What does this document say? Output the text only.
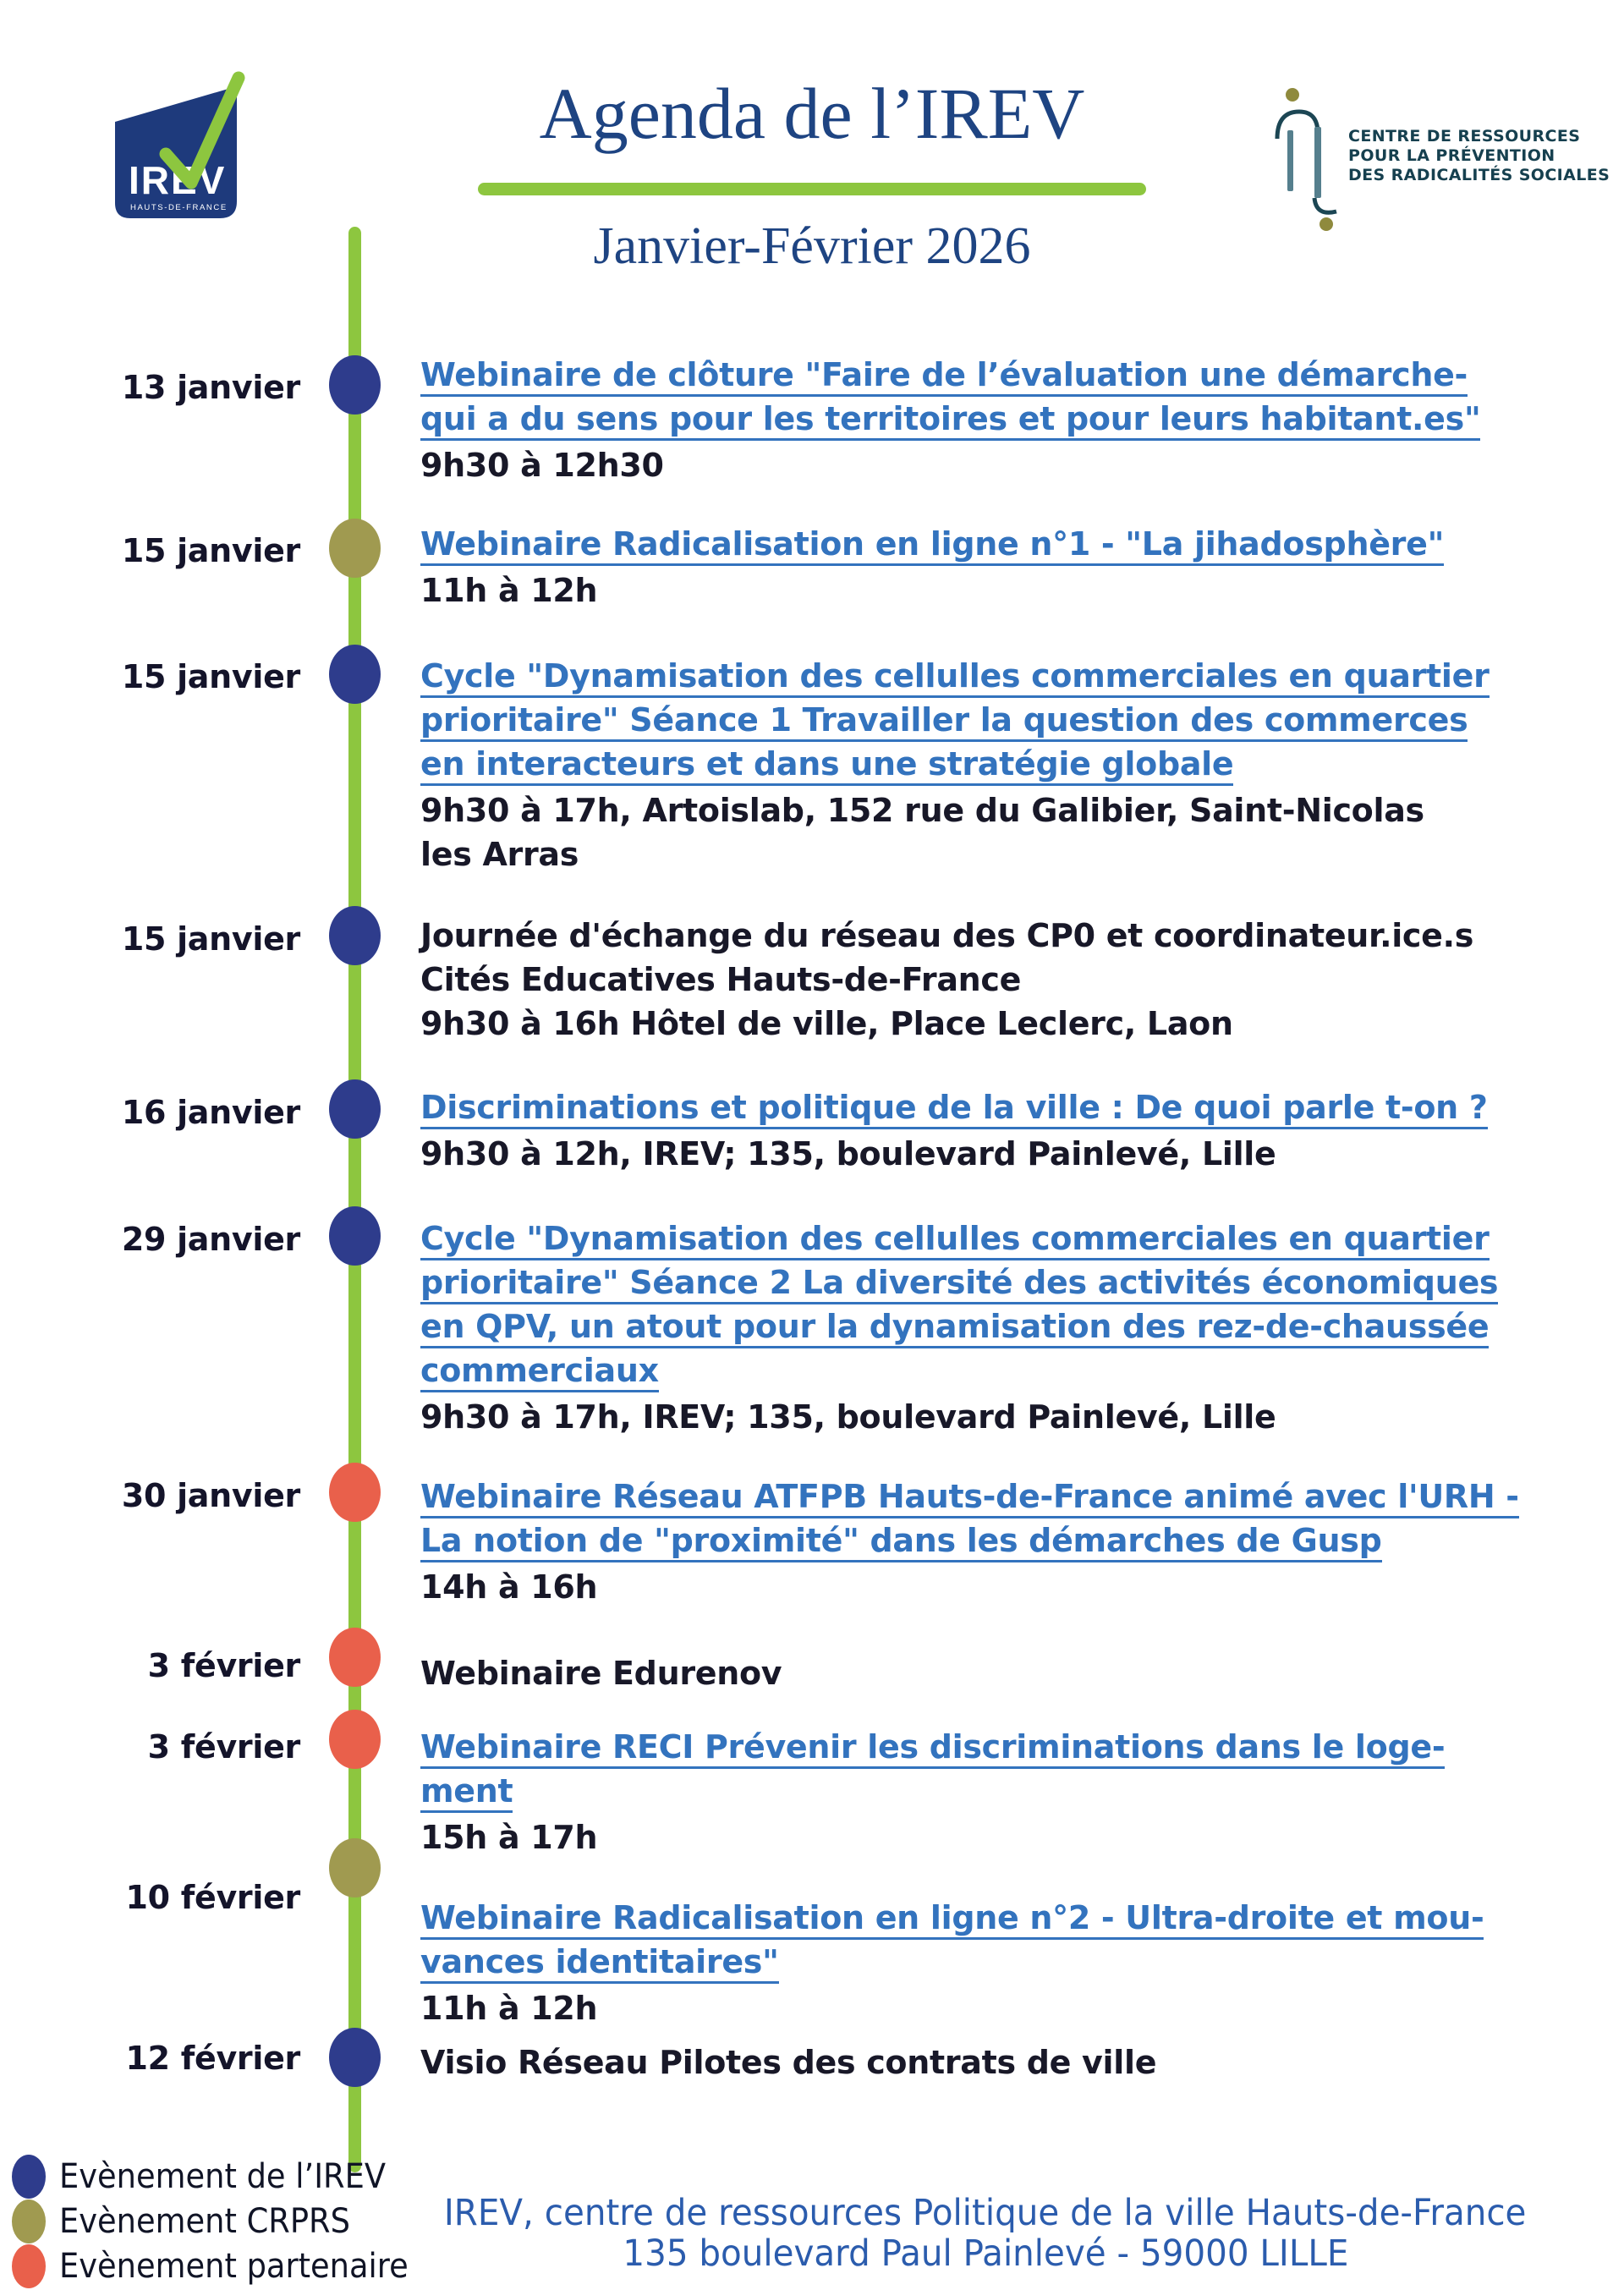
IREV
HAUTS-DE-FRANCE
Agenda de l’IREV
Janvier-Février 2026
CENTRE DE RESSOURCES
POUR LA PRÉVENTION
DES RADICALITÉS SOCIALES
13 janvier
15 janvier
15 janvier
15 janvier
16 janvier
29 janvier
30 janvier
3 février
3 février
10 février
12 février
Webinaire de clôture "Faire de l’évaluation une démarche-
qui a du sens pour les territoires et pour leurs habitant.es"
9h30 à 12h30
Webinaire Radicalisation en ligne n°1 - "La jihadosphère"
11h à 12h
Cycle "Dynamisation des cellulles commerciales en quartier
prioritaire" Séance 1 Travailler la question des commerces
en interacteurs et dans une stratégie globale
9h30 à 17h, Artoislab, 152 rue du Galibier, Saint-Nicolas
les Arras
Journée d'échange du réseau des CP0 et coordinateur.ice.s
Cités Educatives Hauts-de-France
9h30 à 16h Hôtel de ville, Place Leclerc, Laon
Discriminations et politique de la ville : De quoi parle t-on ?
9h30 à 12h, IREV; 135, boulevard Painlevé, Lille
Cycle "Dynamisation des cellulles commerciales en quartier
prioritaire" Séance 2 La diversité des activités économiques
en QPV, un atout pour la dynamisation des rez-de-chaussée
commerciaux
9h30 à 17h, IREV; 135, boulevard Painlevé, Lille
Webinaire Réseau ATFPB Hauts-de-France animé avec l'URH -
La notion de "proximité" dans les démarches de Gusp
14h à 16h
Webinaire Edurenov
Webinaire RECI Prévenir les discriminations dans le loge-
ment
15h à 17h
Webinaire Radicalisation en ligne n°2 - Ultra-droite et mou-
vances identitaires"
11h à 12h
Visio Réseau Pilotes des contrats de ville
Evènement de l’IREV
Evènement CRPRS
Evènement partenaire
IREV, centre de ressources Politique de la ville Hauts-de-France
135 boulevard Paul Painlevé - 59000 LILLE
